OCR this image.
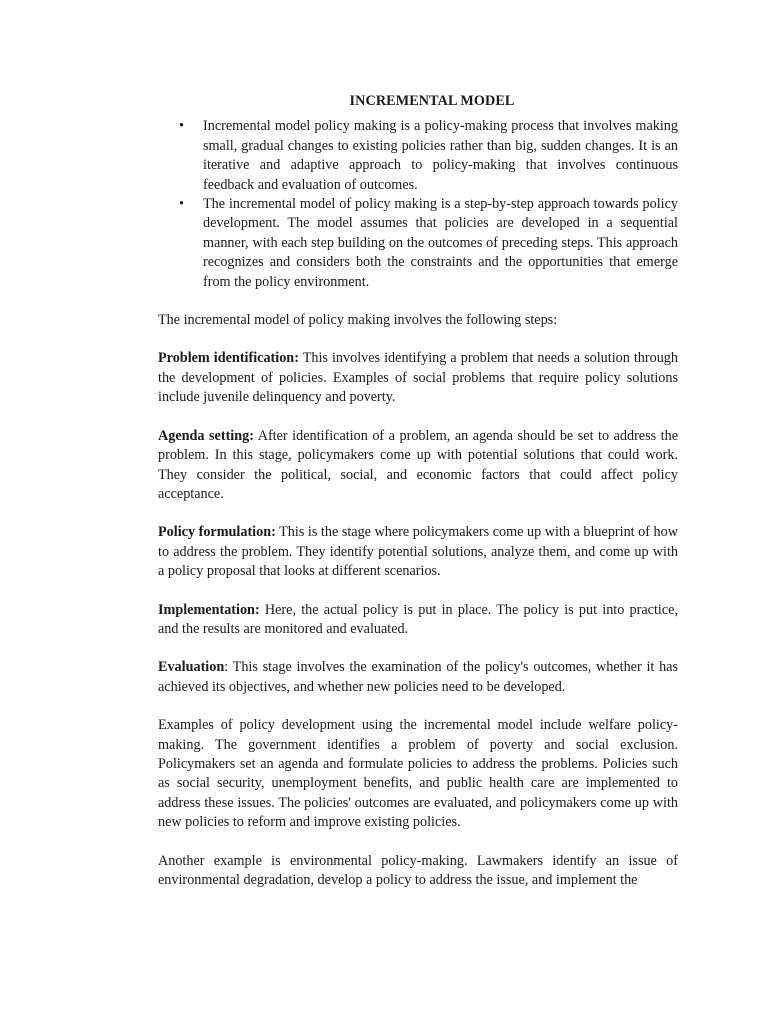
INCREMENTAL MODEL
• Incremental model policy making is a policy-making process that involves making small, gradual changes to existing policies rather than big, sudden changes. It is an iterative and adaptive approach to policy-making that involves continuous feedback and evaluation of outcomes.
• The incremental model of policy making is a step-by-step approach towards policy development. The model assumes that policies are developed in a sequential manner, with each step building on the outcomes of preceding steps. This approach recognizes and considers both the constraints and the opportunities that emerge from the policy environment.

The incremental model of policy making involves the following steps:

Problem identification: This involves identifying a problem that needs a solution through the development of policies. Examples of social problems that require policy solutions include juvenile delinquency and poverty.

Agenda setting: After identification of a problem, an agenda should be set to address the problem. In this stage, policymakers come up with potential solutions that could work. They consider the political, social, and economic factors that could affect policy acceptance.

Policy formulation: This is the stage where policymakers come up with a blueprint of how to address the problem. They identify potential solutions, analyze them, and come up with a policy proposal that looks at different scenarios.

Implementation: Here, the actual policy is put in place. The policy is put into practice, and the results are monitored and evaluated.

Evaluation: This stage involves the examination of the policy's outcomes, whether it has achieved its objectives, and whether new policies need to be developed.

Examples of policy development using the incremental model include welfare policy-making. The government identifies a problem of poverty and social exclusion. Policymakers set an agenda and formulate policies to address the problems. Policies such as social security, unemployment benefits, and public health care are implemented to address these issues. The policies' outcomes are evaluated, and policymakers come up with new policies to reform and improve existing policies.

Another example is environmental policy-making. Lawmakers identify an issue of environmental degradation, develop a policy to address the issue, and implement the
